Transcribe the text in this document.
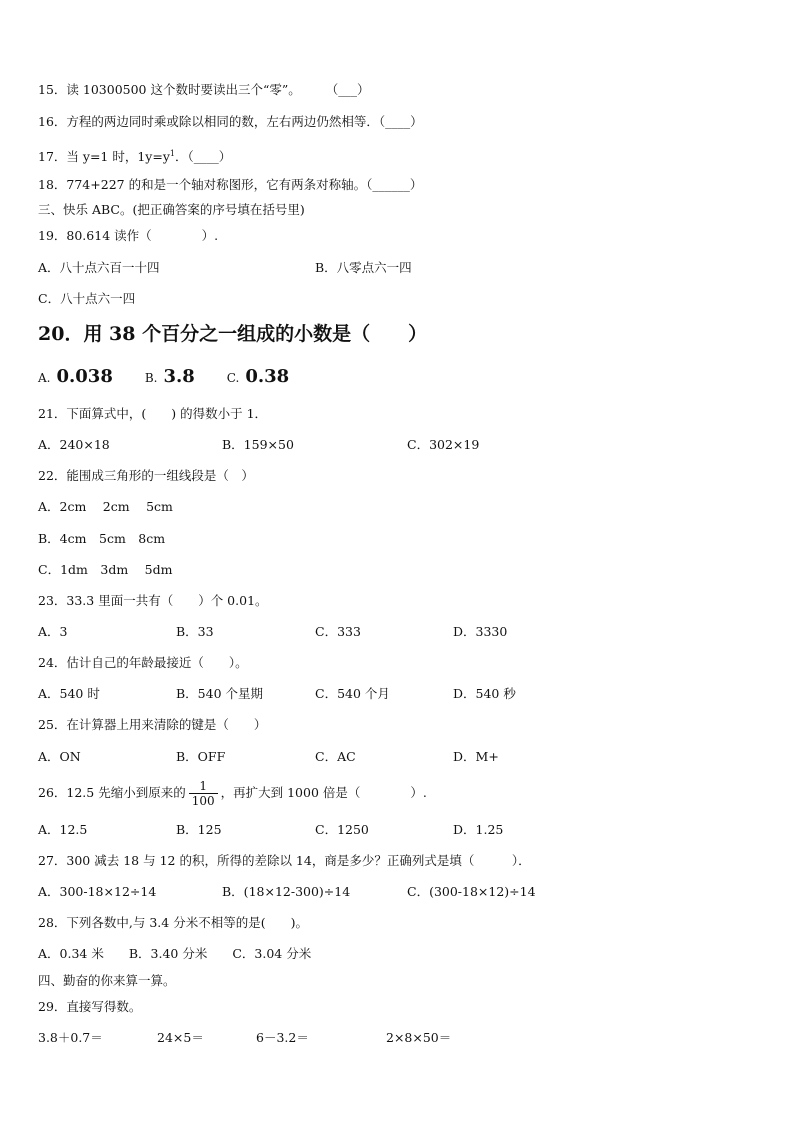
15．读 10300500 这个数时要读出三个“零”。　　　（___）
16．方程的两边同时乘或除以相同的数，左右两边仍然相等．（____）
17．当 y=1 时，$1y=y^1$．（____）
18．774+227 的和是一个轴对称图形，它有两条对称轴。（______）
三、快乐 ABC。(把正确答案的序号填在括号里)
19．80.614 读作（　　　　）.
A．八十点六百一十四	B．八零点六一四
C．八十点六一四
20．用 38 个百分之一组成的小数是（　　）
A. 0.038	B. 3.8	C. 0.38
21．下面算式中，(　　) 的得数小于 1．
A．240×18	B．159×50	C．302×19
22．能围成三角形的一组线段是（　）
A．2cm　 2cm　 5cm
B．4cm　5cm　8cm
C．1dm　3dm　 5dm
23．33.3 里面一共有（　　）个 0.01。
A．3	B．33	C．333	D．3330
24．估计自己的年龄最接近（　　）。
A．540 时	B．540 个星期	C．540 个月	D．540 秒
25．在计算器上用来清除的键是（　　）
A．ON	B．OFF	C．AC	D．M+
26．12.5 先缩小到原来的 $\frac{1}{100}$ ，再扩大到 1000 倍是（　　　　）.
A．12.5	B．125	C．1250	D．1.25
27．300 减去 18 与 12 的积，所得的差除以 14，商是多少？正确列式是填（　　　）．
A．300-18×12÷14	B．(18×12-300)÷14	C．(300-18×12)÷14
28．下列各数中,与 3.4 分米不相等的是(　　)。
A．0.34 米　　B．3.40 分米　　C．3.04 分米
四、勤奋的你来算一算。
29．直接写得数。
3.8＋0.7＝	24×5＝	6－3.2＝	2×8×50＝
